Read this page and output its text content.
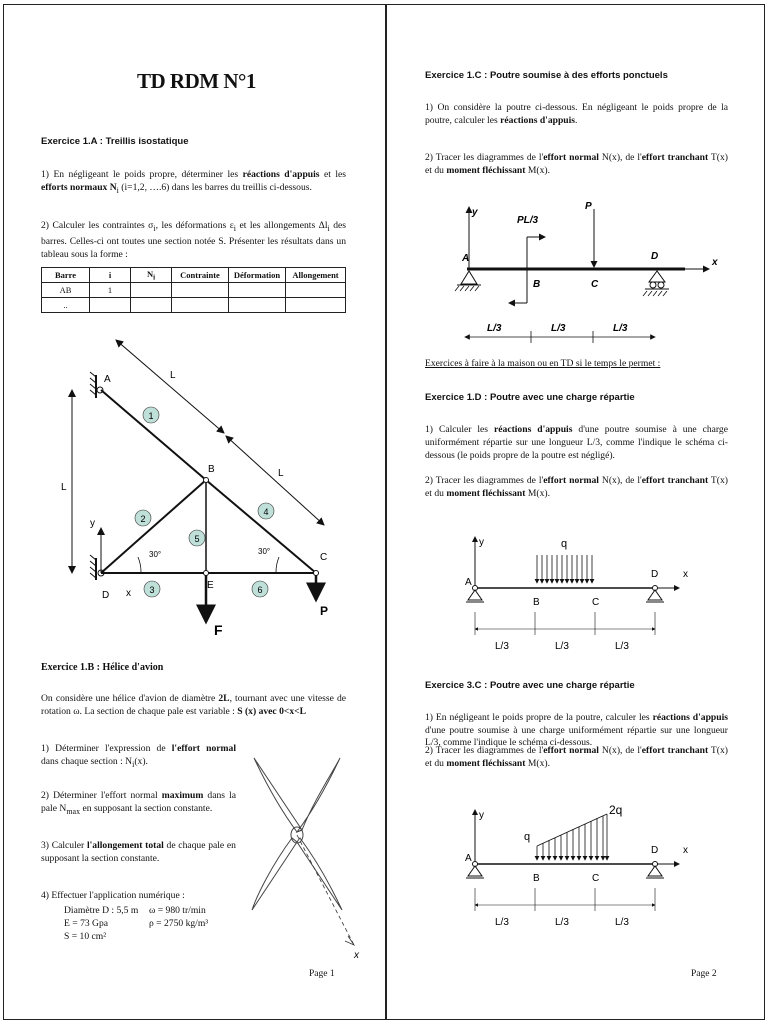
TD RDM N°1
Exercice 1.A : Treillis isostatique
1) En négligeant le poids propre, déterminer les réactions d'appuis et les efforts normaux $N_i$ (i=1,2, ….6) dans les barres du treillis ci-dessous.
2) Calculer les contraintes $\sigma_i$, les déformations $\varepsilon_i$ et les allongements $\Delta l_i$ des barres. Celles-ci ont toutes une section notée S. Présenter les résultats dans un tableau sous la forme :
Barre	i	$N_i$	Contrainte	Déformation	Allongement
AB	1				
..					
L
L
L
A
B
C
D
E
1
2
3
4
5
6
30°	30°
y
x
F
P
Exercice 1.B : Hélice d'avion
On considère une hélice d'avion de diamètre 2L, tournant avec une vitesse de rotation ω. La section de chaque pale est variable : S (x) avec 0<x<L
1) Déterminer l'expression de l'effort normal dans chaque section : $N_i(x)$.
2) Déterminer l'effort normal maximum dans la pale $N_{max}$ en supposant la section constante.
3) Calculer l'allongement total de chaque pale en supposant la section constante.
4) Effectuer l'application numérique :
Diamètre D : 5,5 m	ω = 980 tr/min
E = 73 Gpa	ρ = 2750 kg/m³
S = 10 cm²
x
Page 1
Exercice 1.C : Poutre soumise à des efforts ponctuels
1) On considère la poutre ci-dessous. En négligeant le poids propre de la poutre, calculer les réactions d'appuis.
2) Tracer les diagrammes de l'effort normal N(x), de l'effort tranchant T(x) et du moment fléchissant M(x).
x
y
A
B	C
D
P
PL/3
L/3	L/3	L/3
Exercices à faire à la maison ou en TD si le temps le permet :
Exercice 1.D : Poutre avec une charge répartie
1) Calculer les réactions d'appuis d'une poutre soumise à une charge uniformément répartie sur une longueur L/3, comme l'indique le schéma ci-dessous (le poids propre de la poutre est négligé).
2) Tracer les diagrammes de l'effort normal N(x), de l'effort tranchant T(x) et du moment fléchissant M(x).
x
y
A
B	C
D
q
L/3	L/3	L/3
Exercice 3.C : Poutre avec une charge répartie
1) En négligeant le poids propre de la poutre, calculer les réactions d'appuis d'une poutre soumise à une charge uniformément répartie sur une longueur L/3, comme l'indique le schéma ci-dessous.
2) Tracer les diagrammes de l'effort normal N(x), de l'effort tranchant T(x) et du moment fléchissant M(x).
x
y
A
B	C
D
q
2q
L/3	L/3	L/3
Page 2
